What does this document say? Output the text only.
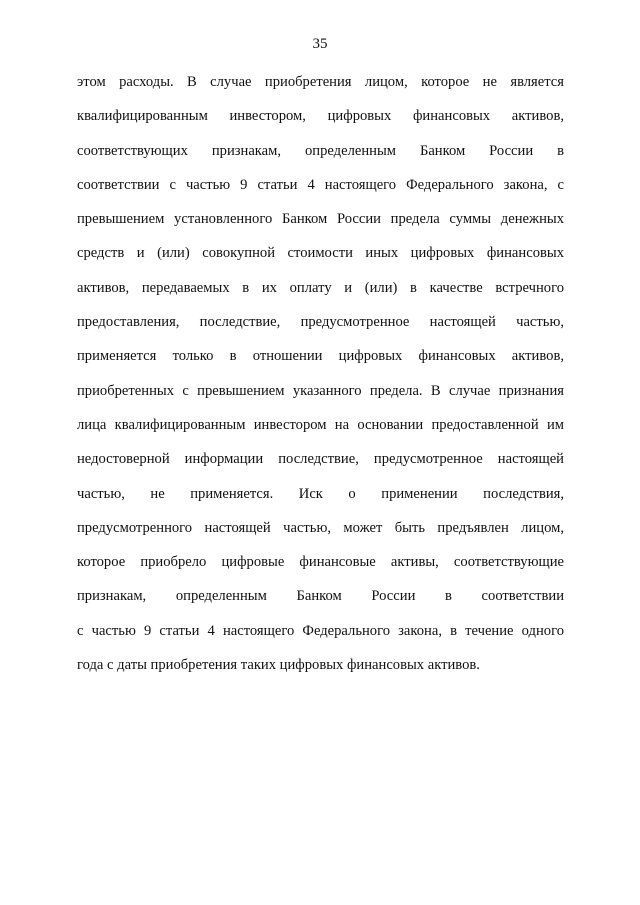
35
этом расходы. В случае приобретения лицом, которое не является
квалифицированным инвестором, цифровых финансовых активов,
соответствующих признакам, определенным Банком России в
соответствии с частью 9 статьи 4 настоящего Федерального закона, с
превышением установленного Банком России предела суммы денежных
средств и (или) совокупной стоимости иных цифровых финансовых
активов, передаваемых в их оплату и (или) в качестве встречного
предоставления, последствие, предусмотренное настоящей частью,
применяется только в отношении цифровых финансовых активов,
приобретенных с превышением указанного предела. В случае признания
лица квалифицированным инвестором на основании предоставленной им
недостоверной информации последствие, предусмотренное настоящей
частью, не применяется. Иск о применении последствия,
предусмотренного настоящей частью, может быть предъявлен лицом,
которое приобрело цифровые финансовые активы, соответствующие
признакам, определенным Банком России в соответствии
с частью 9 статьи 4 настоящего Федерального закона, в течение одного
года с даты приобретения таких цифровых финансовых активов.
